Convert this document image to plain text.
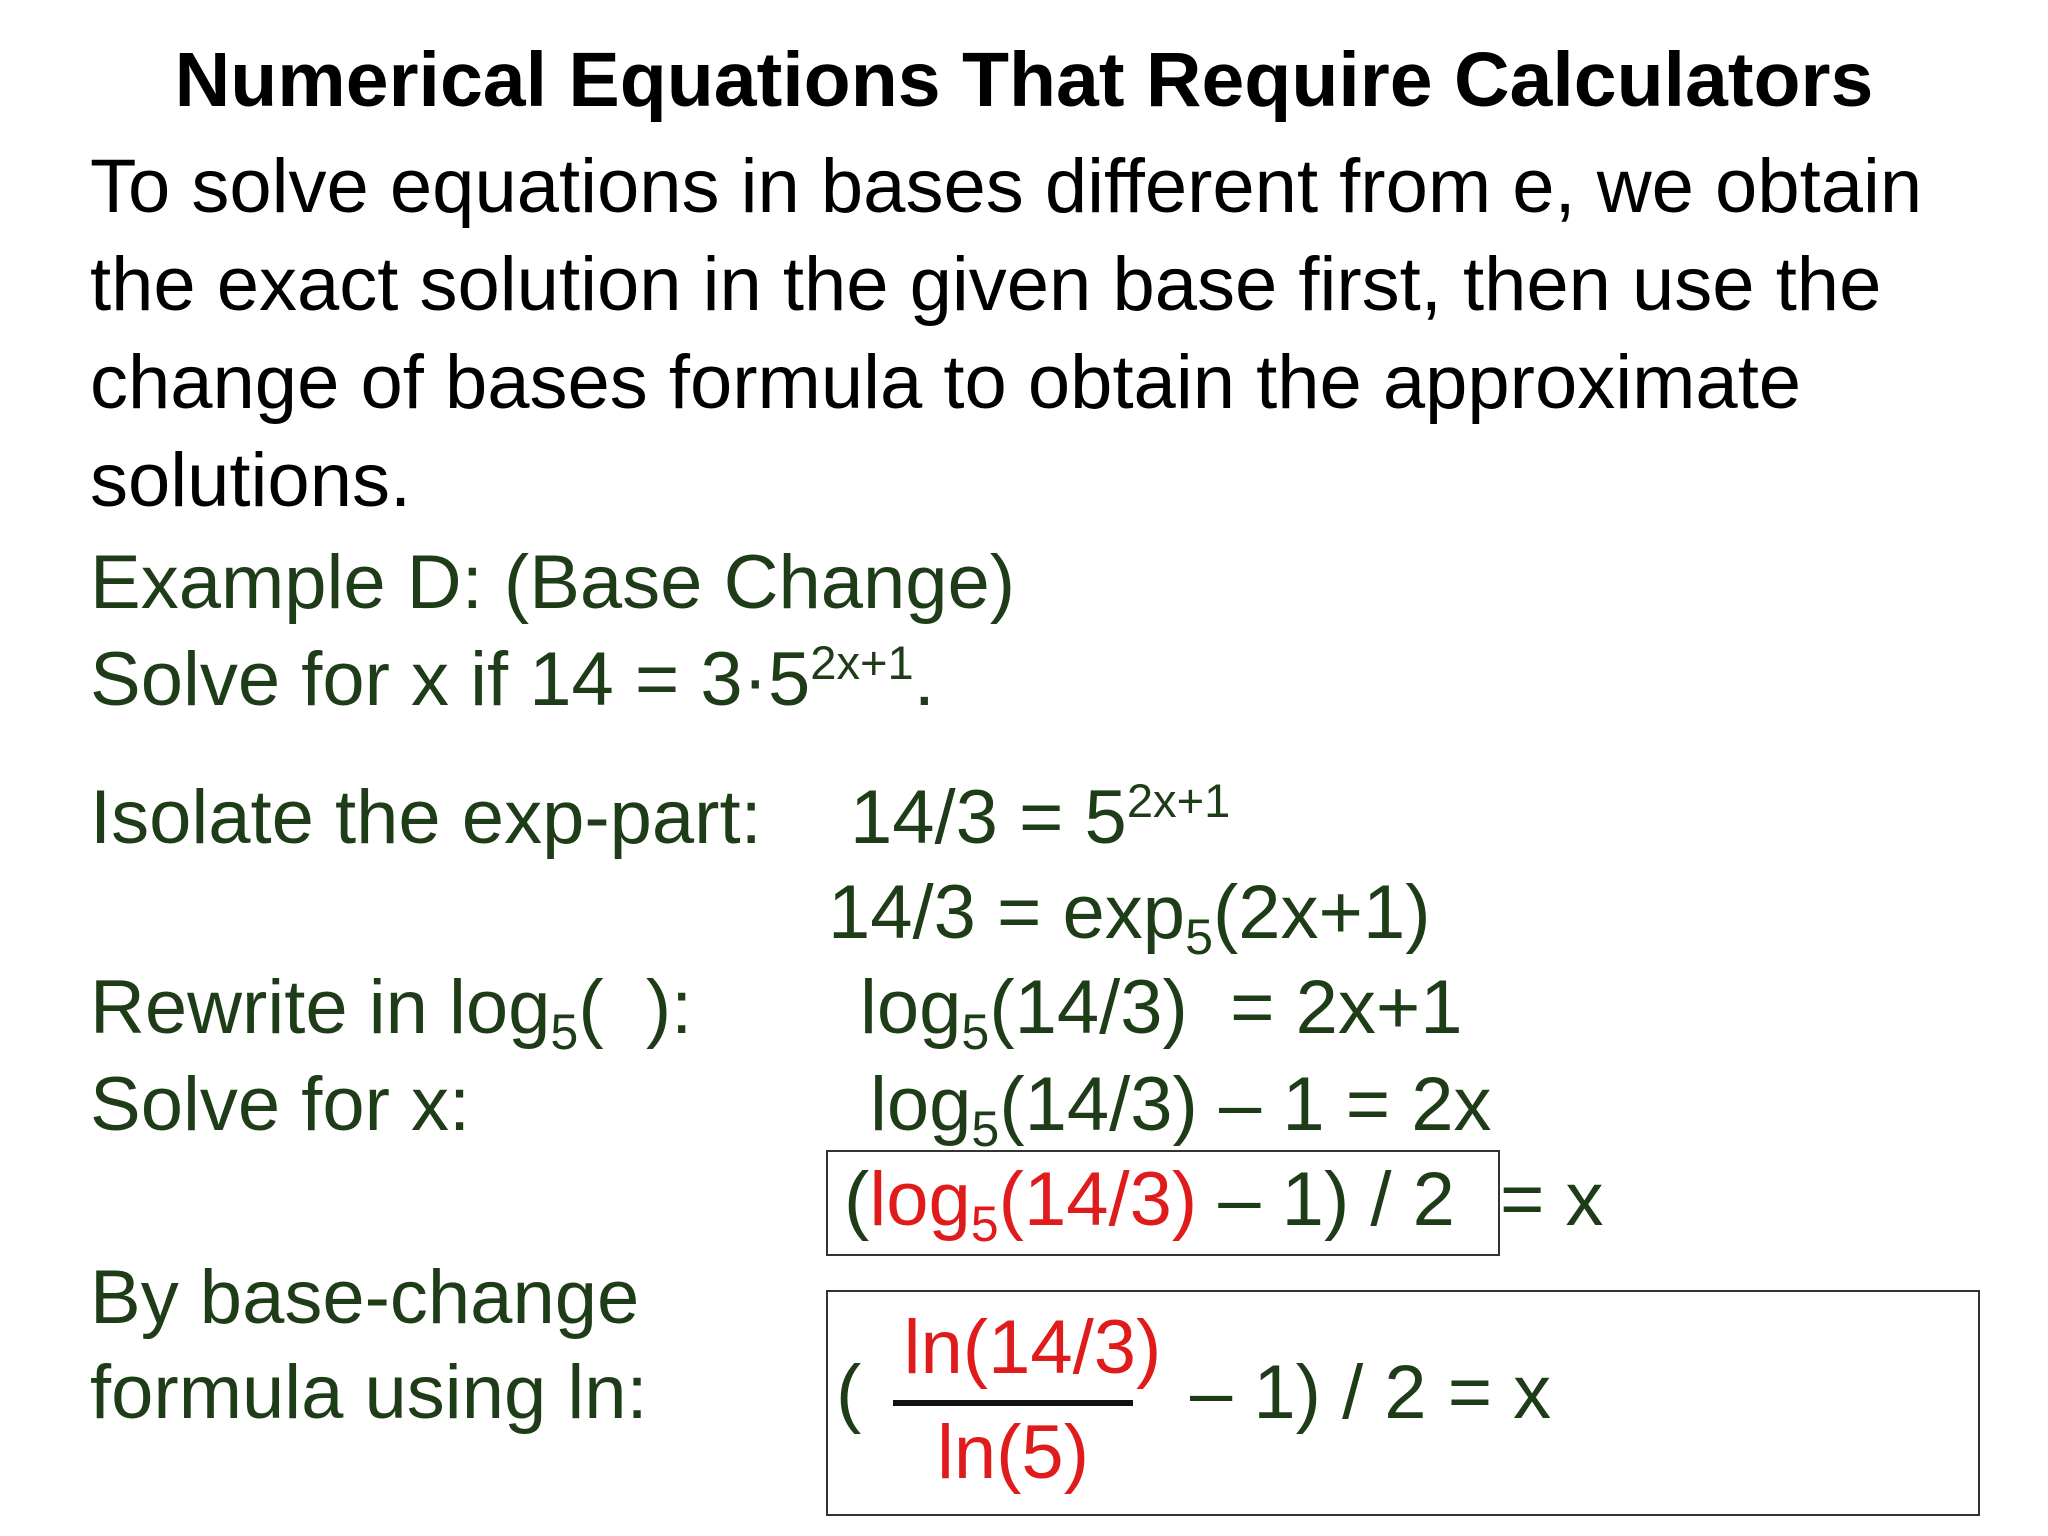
Numerical Equations That Require Calculators
To solve equations in bases different from e, we obtain the exact solution in the given base first, then use the change of bases formula to obtain the approximate solutions.
Example D: (Base Change)
Solve for x if $14 = 3\cdot 5^{2x+1}$.
Isolate the exp-part: $14/3 = 5^{2x+1}$
$14/3 = \exp_5(2x+1)$
Rewrite in $\log_5$(  ): $\log_5(14/3) = 2x+1$
Solve for x:	$\log_5(14/3) - 1 = 2x$
$(\log_5(14/3) - 1) / 2 = x$
By base-change
formula using ln: (
ln(14/3)
ln(5)
– 1) / 2 = x
